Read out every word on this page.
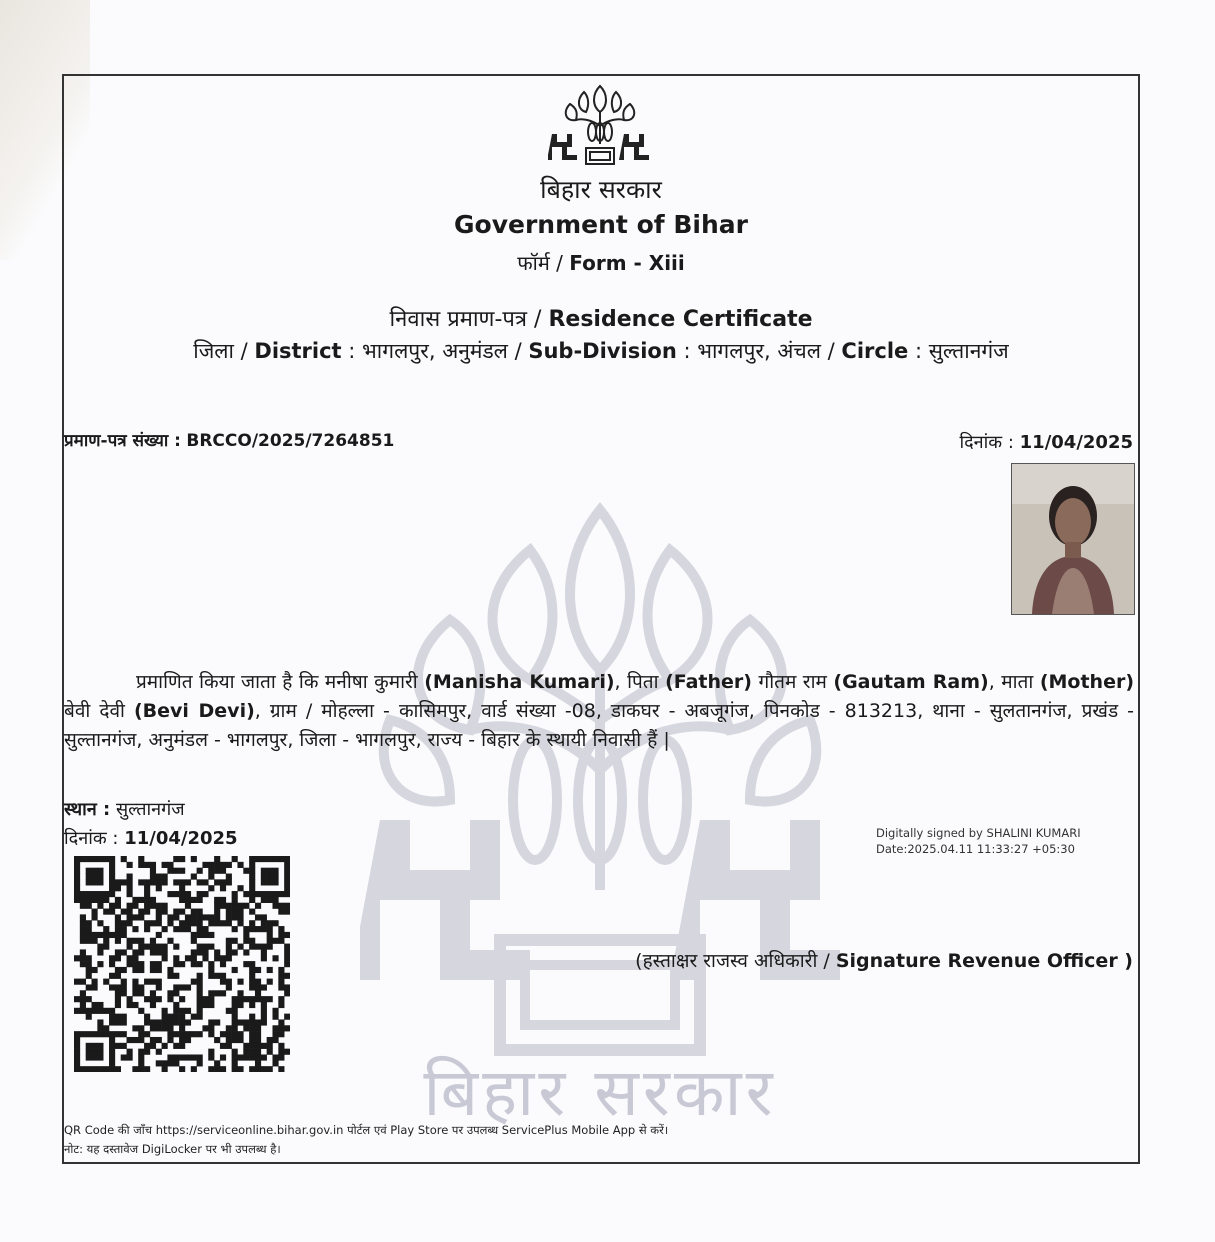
बिहार सरकार
बिहार सरकार
Government of Bihar
फॉर्म / Form - Xiii
निवास प्रमाण-पत्र / Residence Certificate
जिला / District : भागलपुर, अनुमंडल / Sub-Division : भागलपुर, अंचल / Circle : सुल्तानगंज
प्रमाण-पत्र संख्या : BRCCO/2025/7264851	दिनांक : 11/04/2025
प्रमाणित किया जाता है कि मनीषा कुमारी (Manisha Kumari), पिता (Father) गौतम राम (Gautam Ram), माता (Mother) बेवी देवी (Bevi Devi), ग्राम / मोहल्ला - कासिमपुर, वार्ड संख्या -08, डाकघर - अबजूगंज, पिनकोड - 813213, थाना - सुलतानगंज, प्रखंड - सुल्तानगंज, अनुमंडल - भागलपुर, जिला - भागलपुर, राज्य - बिहार के स्थायी निवासी हैं |
स्थान : सुल्तानगंज
दिनांक : 11/04/2025	Digitally signed by SHALINI KUMARI
Date:2025.04.11 11:33:27 +05:30
(हस्ताक्षर राजस्व अधिकारी / Signature Revenue Officer )
QR Code की जाँच https://serviceonline.bihar.gov.in पोर्टल एवं Play Store पर उपलब्ध ServicePlus Mobile App से करें।
नोट: यह दस्तावेज DigiLocker पर भी उपलब्ध है।
